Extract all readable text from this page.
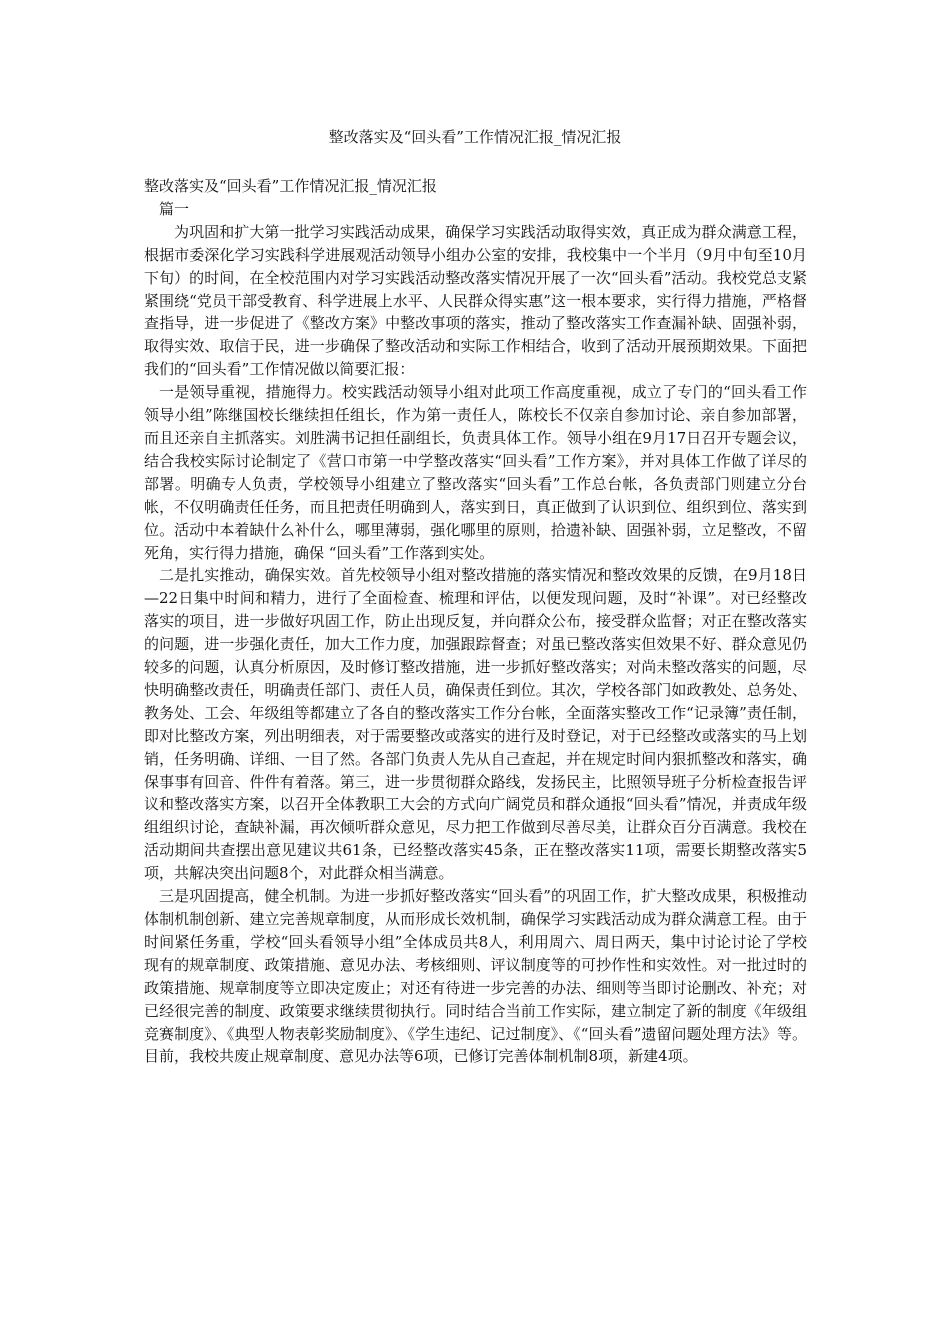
整改落实及“回头看”工作情况汇报_情况汇报

整改落实及“回头看”工作情况汇报_情况汇报

篇一

为巩固和扩大第一批学习实践活动成果，确保学习实践活动取得实效，真正成为群众满意工程，根据市委深化学习实践科学进展观活动领导小组办公室的安排，我校集中一个半月（9月中旬至10月下旬）的时间，在全校范围内对学习实践活动整改落实情况开展了一次“回头看”活动。我校党总支紧紧围绕“党员干部受教育、科学进展上水平、人民群众得实惠”这一根本要求，实行得力措施，严格督查指导，进一步促进了《整改方案》中整改事项的落实，推动了整改落实工作查漏补缺、固强补弱，取得实效、取信于民，进一步确保了整改活动和实际工作相结合，收到了活动开展预期效果。下面把我们的“回头看”工作情况做以简要汇报：

一是领导重视，措施得力。校实践活动领导小组对此项工作高度重视，成立了专门的“回头看工作领导小组”陈继国校长继续担任组长，作为第一责任人，陈校长不仅亲自参加讨论、亲自参加部署，而且还亲自主抓落实。刘胜满书记担任副组长，负责具体工作。领导小组在9月17日召开专题会议，结合我校实际讨论制定了《营口市第一中学整改落实“回头看”工作方案》，并对具体工作做了详尽的部署。明确专人负责，学校领导小组建立了整改落实“回头看”工作总台帐，各负责部门则建立分台帐，不仅明确责任任务，而且把责任明确到人，落实到日，真正做到了认识到位、组织到位、落实到位。活动中本着缺什么补什么，哪里薄弱，强化哪里的原则，拾遗补缺、固强补弱，立足整改，不留死角，实行得力措施，确保 “回头看”工作落到实处。

二是扎实推动，确保实效。首先校领导小组对整改措施的落实情况和整改效果的反馈，在9月18日—22日集中时间和精力，进行了全面检查、梳理和评估，以便发现问题，及时“补课”。对已经整改落实的项目，进一步做好巩固工作，防止出现反复，并向群众公布，接受群众监督；对正在整改落实的问题，进一步强化责任，加大工作力度，加强跟踪督查；对虽已整改落实但效果不好、群众意见仍较多的问题，认真分析原因，及时修订整改措施，进一步抓好整改落实；对尚未整改落实的问题，尽快明确整改责任，明确责任部门、责任人员，确保责任到位。其次，学校各部门如政教处、总务处、教务处、工会、年级组等都建立了各自的整改落实工作分台帐，全面落实整改工作“记录簿”责任制，即对比整改方案，列出明细表，对于需要整改或落实的进行及时登记，对于已经整改或落实的马上划销，任务明确、详细、一目了然。各部门负责人先从自己查起，并在规定时间内狠抓整改和落实，确保事事有回音、件件有着落。第三，进一步贯彻群众路线，发扬民主，比照领导班子分析检查报告评议和整改落实方案，以召开全体教职工大会的方式向广阔党员和群众通报“回头看”情况，并责成年级组组织讨论，查缺补漏，再次倾听群众意见，尽力把工作做到尽善尽美，让群众百分百满意。我校在活动期间共查摆出意见建议共61条，已经整改落实45条，正在整改落实11项，需要长期整改落实5项，共解决突出问题8个，对此群众相当满意。

三是巩固提高，健全机制。为进一步抓好整改落实“回头看”的巩固工作，扩大整改成果，积极推动体制机制创新、建立完善规章制度，从而形成长效机制，确保学习实践活动成为群众满意工程。由于时间紧任务重，学校“回头看领导小组”全体成员共8人，利用周六、周日两天，集中讨论讨论了学校现有的规章制度、政策措施、意见办法、考核细则、评议制度等的可抄作性和实效性。对一批过时的政策措施、规章制度等立即决定废止；对还有待进一步完善的办法、细则等当即讨论删改、补充；对已经很完善的制度、政策要求继续贯彻执行。同时结合当前工作实际，建立制定了新的制度《年级组竞赛制度》、《典型人物表彰奖励制度》、《学生违纪、记过制度》、《“回头看”遗留问题处理方法》等。目前，我校共废止规章制度、意见办法等6项，已修订完善体制机制8项，新建4项。
